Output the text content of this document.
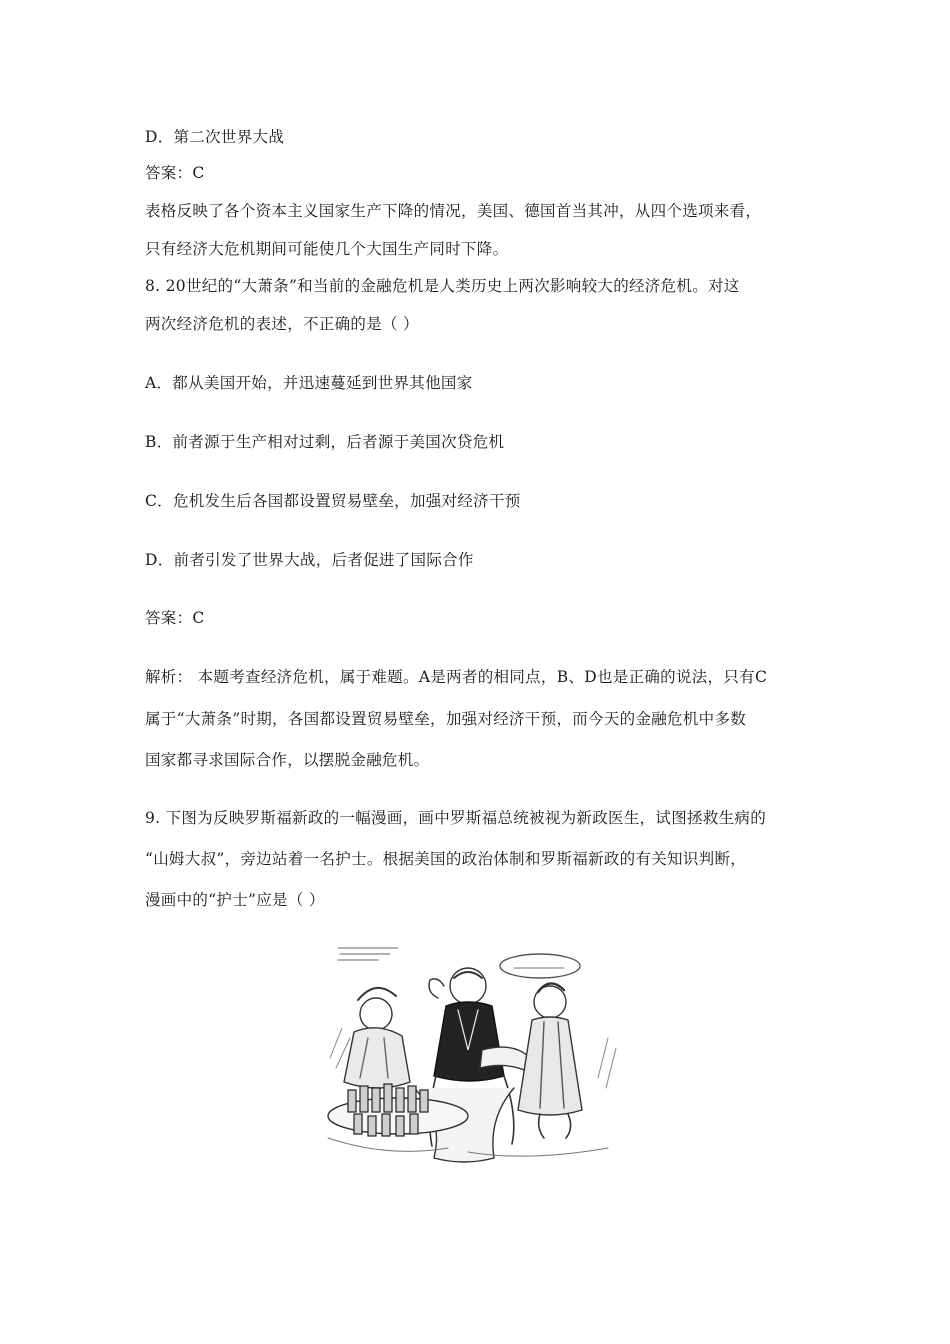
D．第二次世界大战
答案：C
表格反映了各个资本主义国家生产下降的情况，美国、德国首当其冲，从四个选项来看，
只有经济大危机期间可能使几个大国生产同时下降。
8. 20世纪的“大萧条”和当前的金融危机是人类历史上两次影响较大的经济危机。对这
两次经济危机的表述，不正确的是（ ）
A．都从美国开始，并迅速蔓延到世界其他国家
B．前者源于生产相对过剩，后者源于美国次贷危机
C．危机发生后各国都设置贸易壁垒，加强对经济干预
D．前者引发了世界大战，后者促进了国际合作
答案：C
解析： 本题考查经济危机，属于难题。A是两者的相同点，B、D也是正确的说法，只有C
属于“大萧条”时期，各国都设置贸易壁垒，加强对经济干预，而今天的金融危机中多数
国家都寻求国际合作，以摆脱金融危机。
9. 下图为反映罗斯福新政的一幅漫画，画中罗斯福总统被视为新政医生，试图拯救生病的
“山姆大叔”，旁边站着一名护士。根据美国的政治体制和罗斯福新政的有关知识判断，
漫画中的“护士”应是（ ）
